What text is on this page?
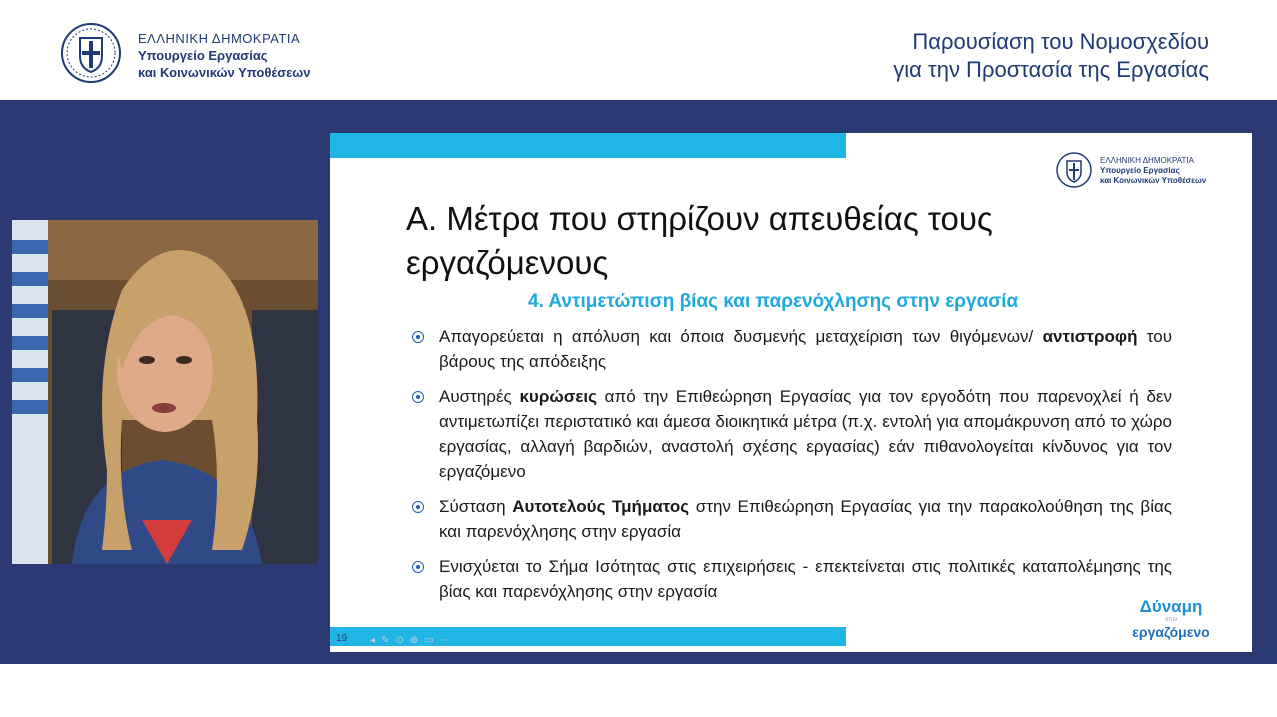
ΕΛΛΗΝΙΚΗ ΔΗΜΟΚΡΑΤΙΑ
Υπουργείο Εργασίας
και Κοινωνικών Υποθέσεων
Παρουσίαση του Νομοσχεδίου
για την Προστασία της Εργασίας
ΕΛΛΗΝΙΚΗ ΔΗΜΟΚΡΑΤΙΑ
Υπουργείο Εργασίας
και Κοινωνικών Υποθέσεων
Α. Μέτρα που στηρίζουν απευθείας τους εργαζόμενους
4. Αντιμετώπιση βίας και παρενόχλησης στην εργασία
Απαγορεύεται η απόλυση και όποια δυσμενής μεταχείριση των θιγόμενων/ αντιστροφή του βάρους της απόδειξης
Αυστηρές κυρώσεις από την Επιθεώρηση Εργασίας για τον εργοδότη που παρενοχλεί ή δεν αντιμετωπίζει περιστατικό και άμεσα διοικητικά μέτρα (π.χ. εντολή για απομάκρυνση από το χώρο εργασίας, αλλαγή βαρδιών, αναστολή σχέσης εργασίας) εάν πιθανολογείται κίνδυνος για τον εργαζόμενο
Σύσταση Αυτοτελούς Τμήματος στην Επιθεώρηση Εργασίας για την παρακολούθηση της βίας και παρενόχλησης στην εργασία
Ενισχύεται το Σήμα Ισότητας στις επιχειρήσεις - επεκτείνεται στις πολιτικές καταπολέμησης της βίας και παρενόχλησης στην εργασία
19 ◂✎⊙⊕▭⋯
Δύναμη
στον
εργαζόμενο
